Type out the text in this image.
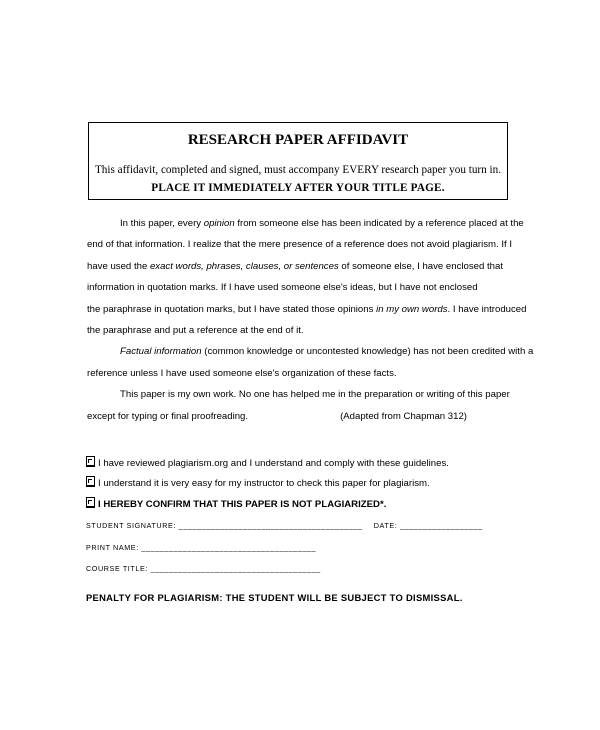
RESEARCH PAPER AFFIDAVIT
This affidavit, completed and signed, must accompany EVERY research paper you turn in.
PLACE IT IMMEDIATELY AFTER YOUR TITLE PAGE.
In this paper, every opinion from someone else has been indicated by a reference placed at the
end of that information. I realize that the mere presence of a reference does not avoid plagiarism. If I
have used the exact words, phrases, clauses, or sentences of someone else, I have enclosed that
information in quotation marks. If I have used someone else's ideas, but I have not enclosed
the paraphrase in quotation marks, but I have stated those opinions in my own words. I have introduced
the paraphrase and put a reference at the end of it.
Factual information (common knowledge or uncontested knowledge) has not been credited with a
reference unless I have used someone else's organization of these facts.
This paper is my own work. No one has helped me in the preparation or writing of this paper
except for typing or final proofreading.	(Adapted from Chapman 312)
I have reviewed plagiarism.org and I understand and comply with these guidelines.
I understand it is very easy for my instructor to check this paper for plagiarism.
I HEREBY CONFIRM THAT THIS PAPER IS NOT PLAGIARIZED*.
STUDENT SIGNATURE: ________________________________________ DATE: __________________
PRINT NAME: ______________________________________
COURSE TITLE: _____________________________________
PENALTY FOR PLAGIARISM: THE STUDENT WILL BE SUBJECT TO DISMISSAL.
